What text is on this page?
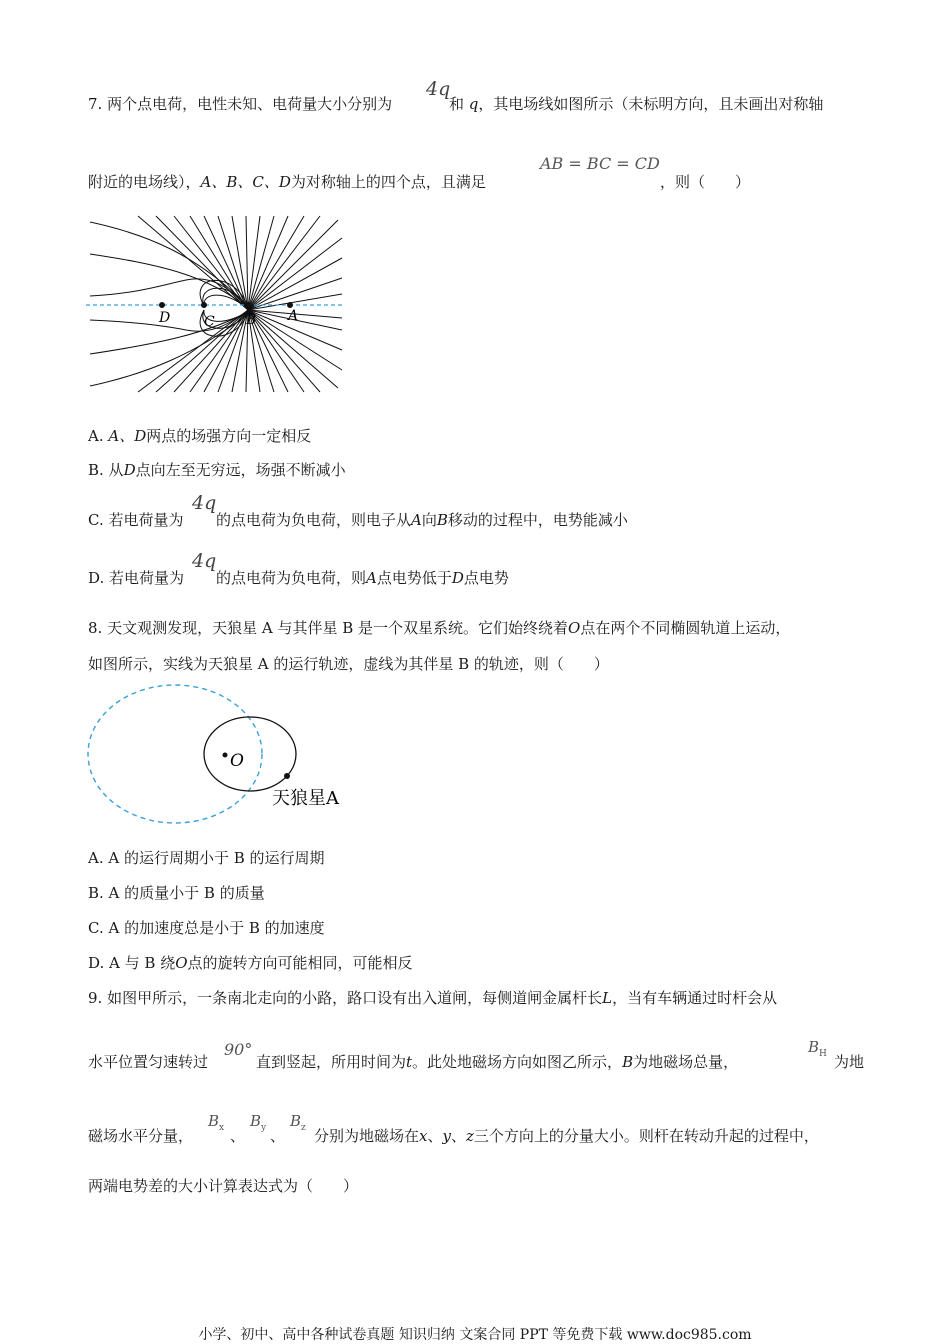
7. 两个点电荷，电性未知、电荷量大小分别为
4q
和 q，其电场线如图所示（未标明方向，且未画出对称轴
附近的电场线），A、B、C、D为对称轴上的四个点，且满足
AB = BC = CD
，则（　　）
D C B A
A. A、D两点的场强方向一定相反
B. 从D点向左至无穷远，场强不断减小
C. 若电荷量为
4q
的点电荷为负电荷，则电子从A向B移动的过程中，电势能减小
D. 若电荷量为
4q
的点电荷为负电荷，则A点电势低于D点电势
8. 天文观测发现，天狼星 A 与其伴星 B 是一个双星系统。它们始终绕着O点在两个不同椭圆轨道上运动，
如图所示，实线为天狼星 A 的运行轨迹，虚线为其伴星 B 的轨迹，则（　　）
O
天狼星A
A. A 的运行周期小于 B 的运行周期
B. A 的质量小于 B 的质量
C. A 的加速度总是小于 B 的加速度
D. A 与 B 绕O点的旋转方向可能相同，可能相反
9. 如图甲所示，一条南北走向的小路，路口设有出入道闸，每侧道闸金属杆长L，当有车辆通过时杆会从
水平位置匀速转过
90°
直到竖起，所用时间为t。此处地磁场方向如图乙所示，B为地磁场总量，
$B_H$ 为地
磁场水平分量，
$B_x$ 、
$B_y$ 、
$B_z$ 分别为地磁场在x、y、z三个方向上的分量大小。则杆在转动升起的过程中，
两端电势差的大小计算表达式为（　　）
小学、初中、高中各种试卷真题 知识归纳 文案合同 PPT 等免费下载 www.doc985.com
